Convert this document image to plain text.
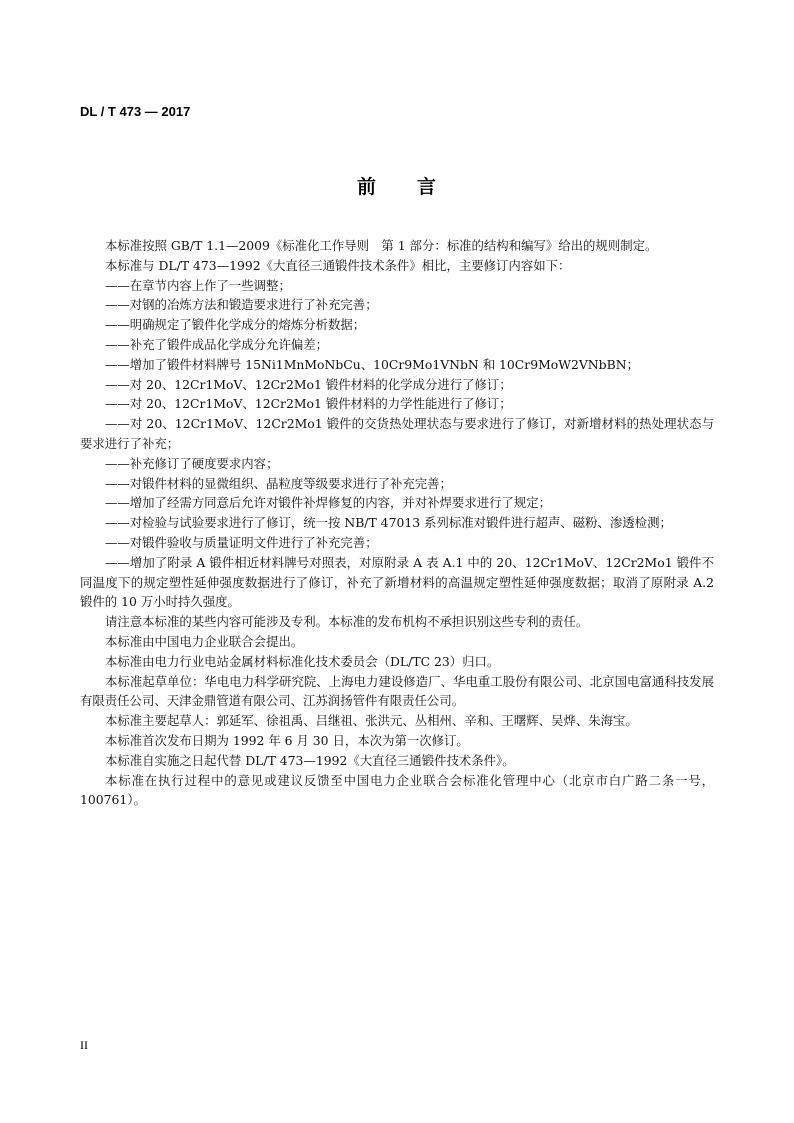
DL / T 473 — 2017
前　　言

本标准按照 GB/T 1.1—2009《标准化工作导则　第 1 部分：标准的结构和编写》给出的规则制定。

本标准与 DL/T 473—1992《大直径三通锻件技术条件》相比，主要修订内容如下：

——在章节内容上作了一些调整；

——对钢的冶炼方法和锻造要求进行了补充完善；

——明确规定了锻件化学成分的熔炼分析数据；

——补充了锻件成品化学成分允许偏差；

——增加了锻件材料牌号 15Ni1MnMoNbCu、10Cr9Mo1VNbN 和 10Cr9MoW2VNbBN；

——对 20、12Cr1MoV、12Cr2Mo1 锻件材料的化学成分进行了修订；

——对 20、12Cr1MoV、12Cr2Mo1 锻件材料的力学性能进行了修订；

——对 20、12Cr1MoV、12Cr2Mo1 锻件的交货热处理状态与要求进行了修订，对新增材料的热处理状态与要求进行了补充；

——补充修订了硬度要求内容；

——对锻件材料的显微组织、晶粒度等级要求进行了补充完善；

——增加了经需方同意后允许对锻件补焊修复的内容，并对补焊要求进行了规定；

——对检验与试验要求进行了修订，统一按 NB/T 47013 系列标准对锻件进行超声、磁粉、渗透检测；

——对锻件验收与质量证明文件进行了补充完善；

——增加了附录 A 锻件相近材料牌号对照表，对原附录 A 表 A.1 中的 20、12Cr1MoV、12Cr2Mo1 锻件不同温度下的规定塑性延伸强度数据进行了修订，补充了新增材料的高温规定塑性延伸强度数据；取消了原附录 A.2 锻件的 10 万小时持久强度。

请注意本标准的某些内容可能涉及专利。本标准的发布机构不承担识别这些专利的责任。

本标准由中国电力企业联合会提出。

本标准由电力行业电站金属材料标准化技术委员会（DL/TC 23）归口。

本标准起草单位：华电电力科学研究院、上海电力建设修造厂、华电重工股份有限公司、北京国电富通科技发展有限责任公司、天津金鼎管道有限公司、江苏润扬管件有限责任公司。

本标准主要起草人：郭延军、徐祖禹、吕继祖、张洪元、丛相州、辛和、王曙辉、吴烨、朱海宝。

本标准首次发布日期为 1992 年 6 月 30 日，本次为第一次修订。

本标准自实施之日起代替 DL/T 473—1992《大直径三通锻件技术条件》。

本标准在执行过程中的意见或建议反馈至中国电力企业联合会标准化管理中心（北京市白广路二条一号，100761）。

II
